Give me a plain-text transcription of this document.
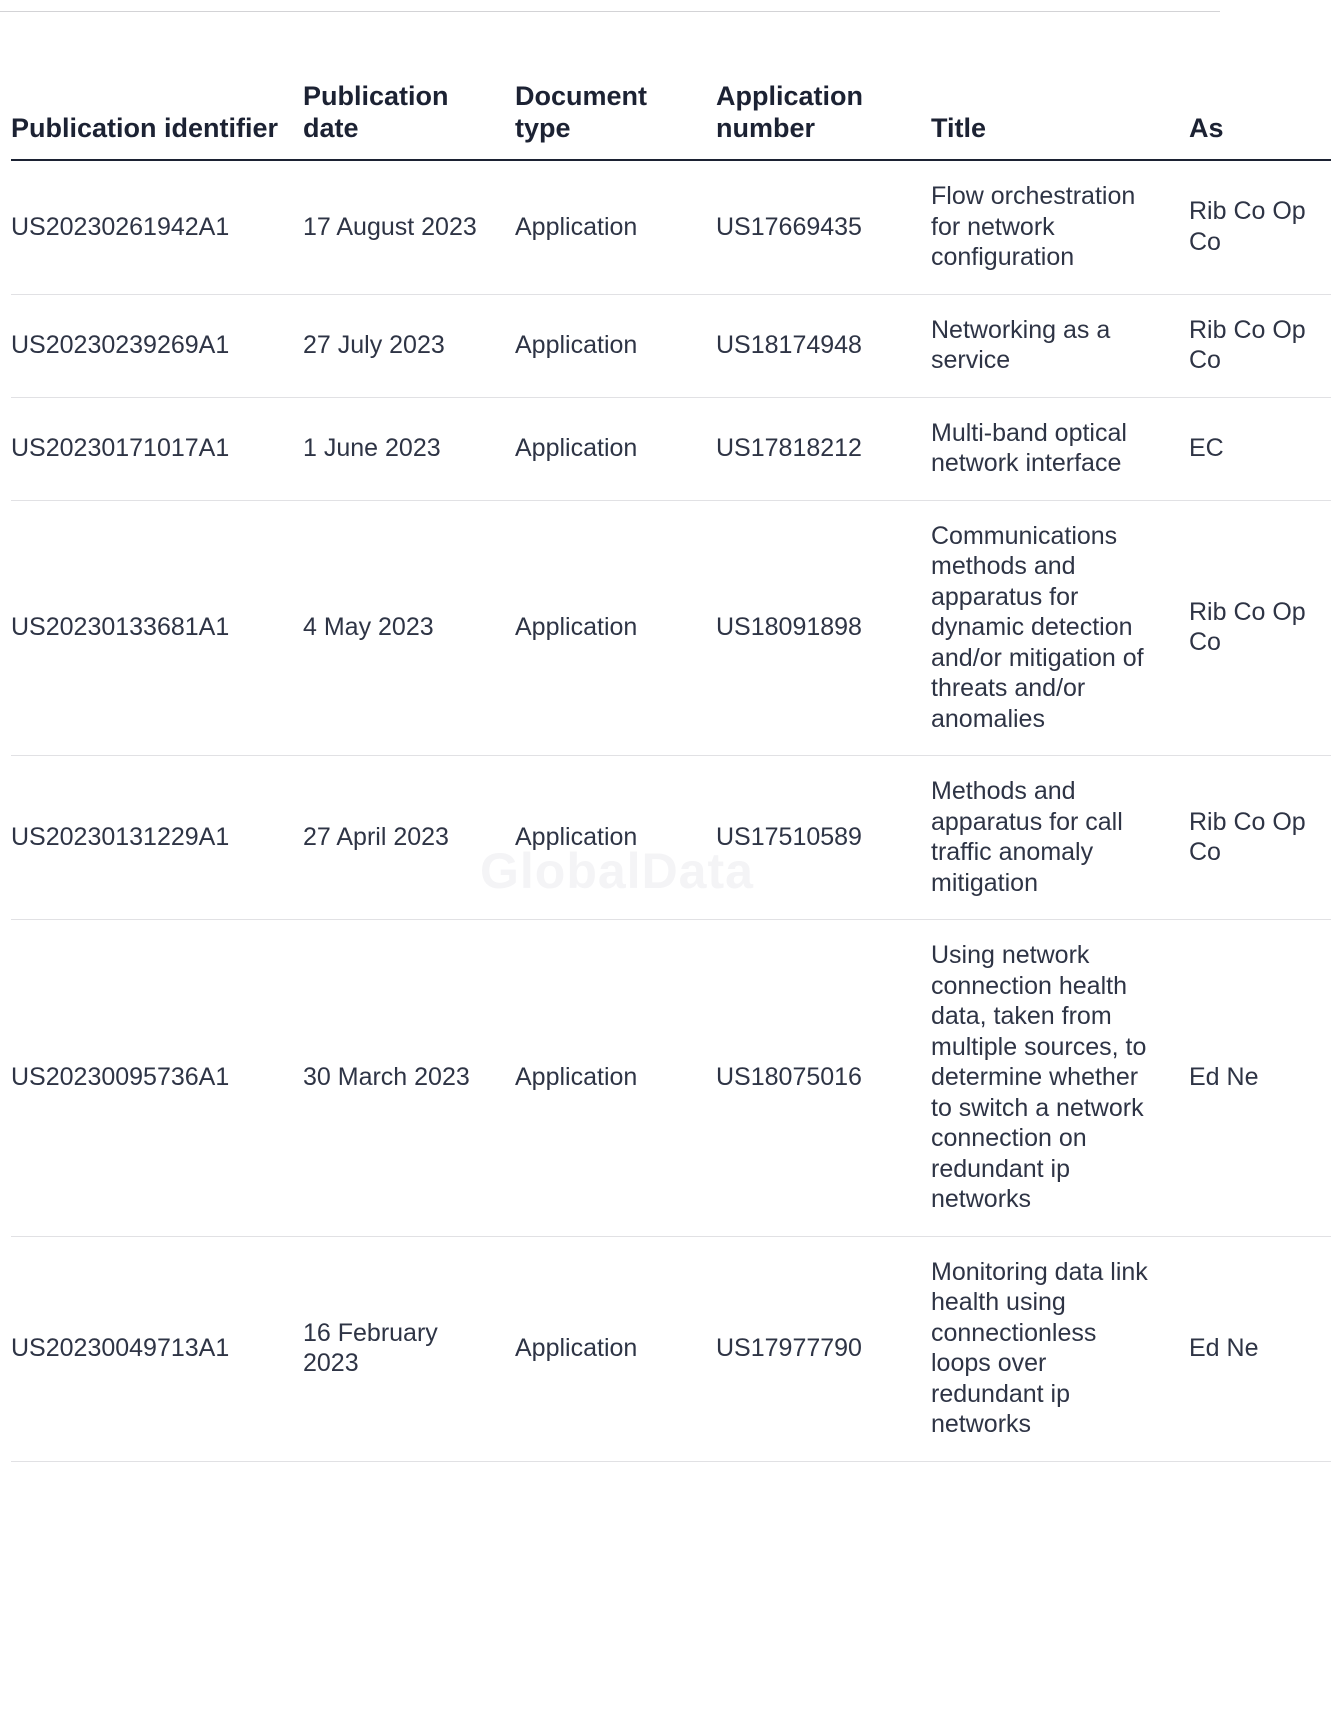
Publication identifier	Publication date	Document type	Application number	Title	As
US20230261942A1	17 August 2023	Application	US17669435	Flow orchestration for network configuration	Rib Co Op Co
US20230239269A1	27 July 2023	Application	US18174948	Networking as a service	Rib Co Op Co
US20230171017A1	1 June 2023	Application	US17818212	Multi-band optical network interface	EC
US20230133681A1	4 May 2023	Application	US18091898	Communications methods and apparatus for dynamic detection and/or mitigation of threats and/or anomalies	Rib Co Op Co
US20230131229A1	27 April 2023	Application	US17510589	Methods and apparatus for call traffic anomaly mitigation	Rib Co Op Co
US20230095736A1	30 March 2023	Application	US18075016	Using network connection health data, taken from multiple sources, to determine whether to switch a network connection on redundant ip networks	Ed Ne
US20230049713A1	16 February 2023	Application	US17977790	Monitoring data link health using connectionless loops over redundant ip networks	Ed Ne
GlobalData
